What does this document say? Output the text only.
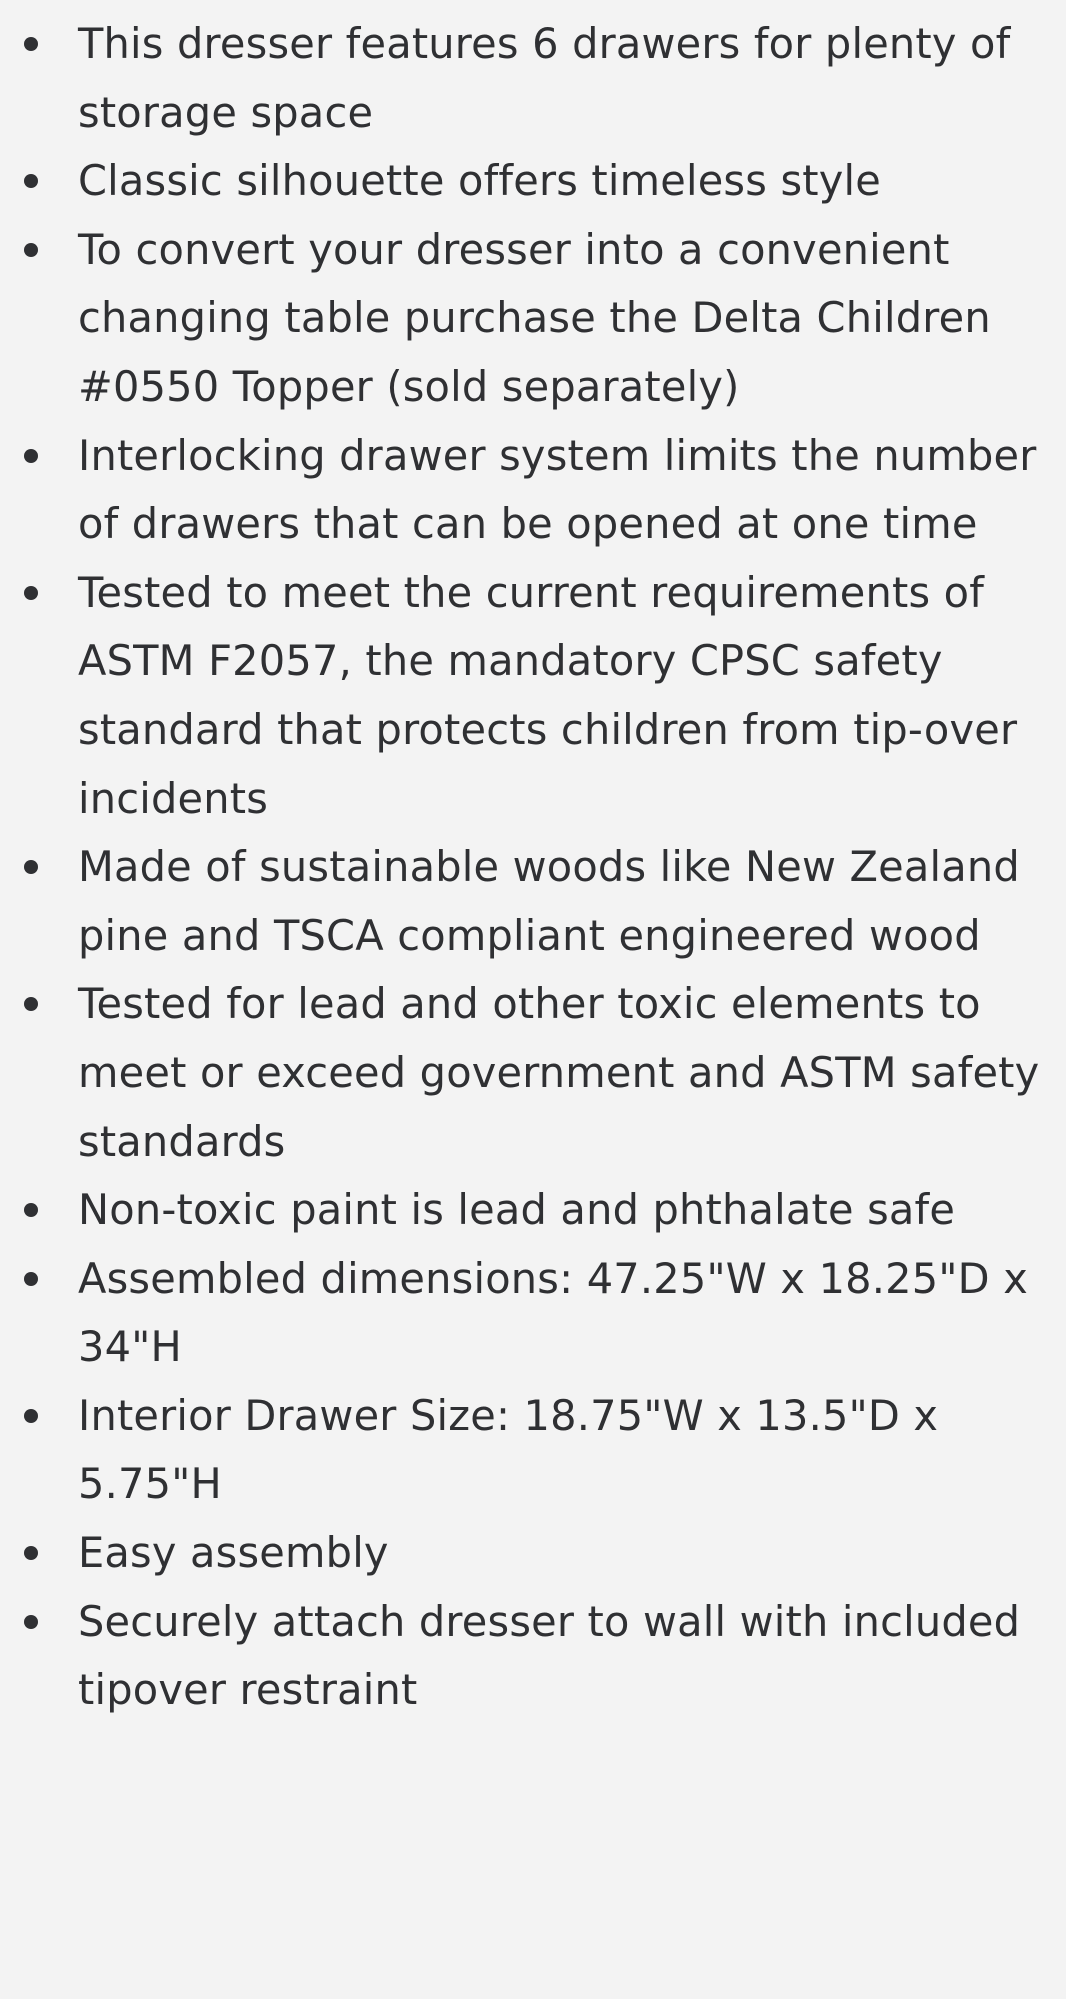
This dresser features 6 drawers for plenty of storage space
Classic silhouette offers timeless style
To convert your dresser into a convenient changing table purchase the Delta Children #0550 Topper (sold separately)
Interlocking drawer system limits the number of drawers that can be opened at one time
Tested to meet the current requirements of ASTM F2057, the mandatory CPSC safety standard that protects children from tip-over incidents
Made of sustainable woods like New Zealand pine and TSCA compliant engineered wood
Tested for lead and other toxic elements to meet or exceed government and ASTM safety standards
Non-toxic paint is lead and phthalate safe
Assembled dimensions: 47.25"W x 18.25"D x 34"H
Interior Drawer Size: 18.75"W x 13.5"D x 5.75"H
Easy assembly
Securely attach dresser to wall with included tipover restraint
